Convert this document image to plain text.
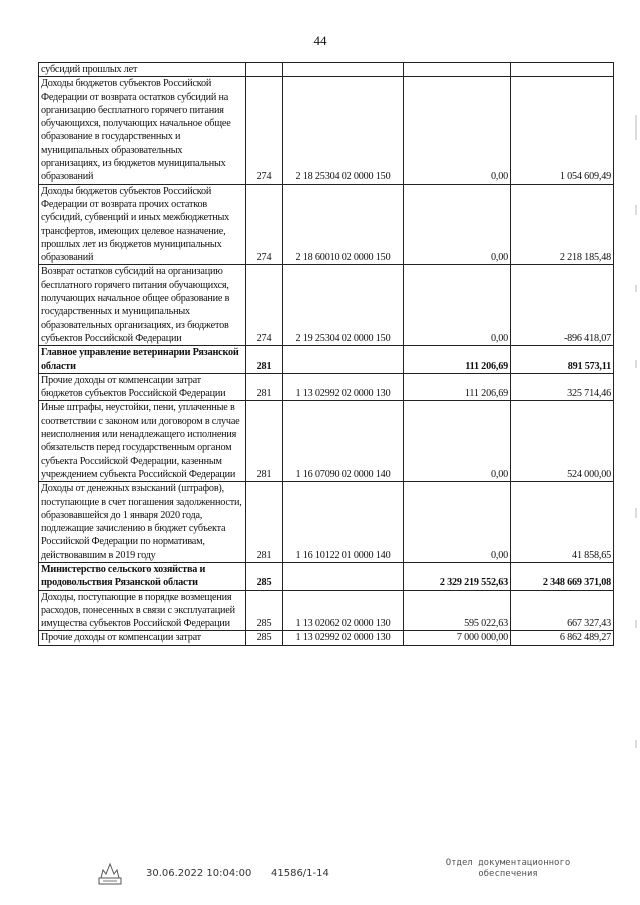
44
субсидий прошлых лет				
Доходы бюджетов субъектов Российской Федерации от возврата остатков субсидий на организацию бесплатного горячего питания обучающихся, получающих начальное общее образование в государственных и муниципальных образовательных организациях, из бюджетов муниципальных образований	274	2 18 25304 02 0000 150	0,00	1 054 609,49
Доходы бюджетов субъектов Российской Федерации от возврата прочих остатков субсидий, субвенций и иных межбюджетных трансфертов, имеющих целевое назначение, прошлых лет из бюджетов муниципальных образований	274	2 18 60010 02 0000 150	0,00	2 218 185,48
Возврат остатков субсидий на организацию бесплатного горячего питания обучающихся, получающих начальное общее образование в государственных и муниципальных образовательных организациях, из бюджетов субъектов Российской Федерации	274	2 19 25304 02 0000 150	0,00	-896 418,07
Главное управление ветеринарии Рязанской области	281		111 206,69	891 573,11
Прочие доходы от компенсации затрат бюджетов субъектов Российской Федерации	281	1 13 02992 02 0000 130	111 206,69	325 714,46
Иные штрафы, неустойки, пени, уплаченные в соответствии с законом или договором в случае неисполнения или ненадлежащего исполнения обязательств перед государственным органом субъекта Российской Федерации, казенным учреждением субъекта Российской Федерации	281	1 16 07090 02 0000 140	0,00	524 000,00
Доходы от денежных взысканий (штрафов), поступающие в счет погашения задолженности, образовавшейся до 1 января 2020 года, подлежащие зачислению в бюджет субъекта Российской Федерации по нормативам, действовавшим в 2019 году	281	1 16 10122 01 0000 140	0,00	41 858,65
Министерство сельского хозяйства и продовольствия Рязанской области	285		2 329 219 552,63	2 348 669 371,08
Доходы, поступающие в порядке возмещения расходов, понесенных в связи с эксплуатацией имущества субъектов Российской Федерации	285	1 13 02062 02 0000 130	595 022,63	667 327,43
Прочие доходы от компенсации затрат	285	1 13 02992 02 0000 130	7 000 000,00	6 862 489,27
30.06.2022 10:04:00 41586/1-14
Отдел документационного
обеспечения
